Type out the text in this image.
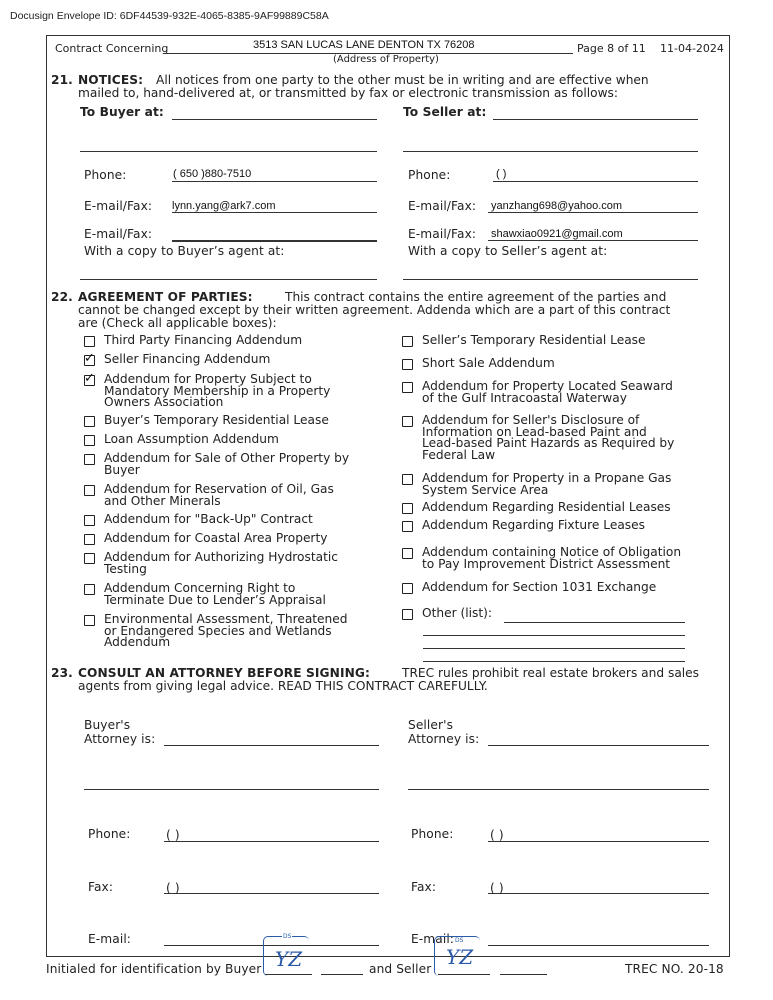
Docusign Envelope ID: 6DF44539-932E-4065-8385-9AF99889C58A
Contract Concerning	3513 SAN LUCAS LANE DENTON TX 76208
(Address of Property)
Page 8 of 11 11-04-2024
21. NOTICES: All notices from one party to the other must be in writing and are effective when
mailed to, hand-delivered at, or transmitted by fax or electronic transmission as follows:
To Buyer at:	To Seller at:
Phone:	( 650 )880-7510	Phone:	( )
E-mail/Fax: lynn.yang@ark7.com	E-mail/Fax: yanzhang698@yahoo.com
E-mail/Fax:	E-mail/Fax: shawxiao0921@gmail.com
With a copy to Buyer’s agent at:	With a copy to Seller’s agent at:
22. AGREEMENT OF PARTIES:	This contract contains the entire agreement of the parties and
cannot be changed except by their written agreement. Addenda which are a part of this contract
are (Check all applicable boxes):
Third Party Financing Addendum
✓ Seller Financing Addendum
✓ Addendum for Property Subject to
Mandatory Membership in a Property
Owners Association
Buyer’s Temporary Residential Lease
Loan Assumption Addendum
Addendum for Sale of Other Property by
Buyer
Addendum for Reservation of Oil, Gas
and Other Minerals
Addendum for "Back-Up" Contract
Addendum for Coastal Area Property
Addendum for Authorizing Hydrostatic
Testing
Addendum Concerning Right to
Terminate Due to Lender’s Appraisal
Environmental Assessment, Threatened
or Endangered Species and Wetlands
Addendum
Seller’s Temporary Residential Lease
Short Sale Addendum
Addendum for Property Located Seaward
of the Gulf Intracoastal Waterway
Addendum for Seller's Disclosure of
Information on Lead-based Paint and
Lead-based Paint Hazards as Required by
Federal Law
Addendum for Property in a Propane Gas
System Service Area
Addendum Regarding Residential Leases
Addendum Regarding Fixture Leases
Addendum containing Notice of Obligation
to Pay Improvement District Assessment
Addendum for Section 1031 Exchange
Other (list):
23. CONSULT AN ATTORNEY BEFORE SIGNING:	TREC rules prohibit real estate brokers and sales
agents from giving legal advice. READ THIS CONTRACT CAREFULLY.
Buyer's
Attorney is:
Seller's
Attorney is:
Phone:	( )	Phone:	( )
Fax:	( )	Fax:	( )
E-mail:	E-mail:
Initialed for identification by Buyer	and Seller	TREC NO. 20-18
DS
YZ
DS
YZ
